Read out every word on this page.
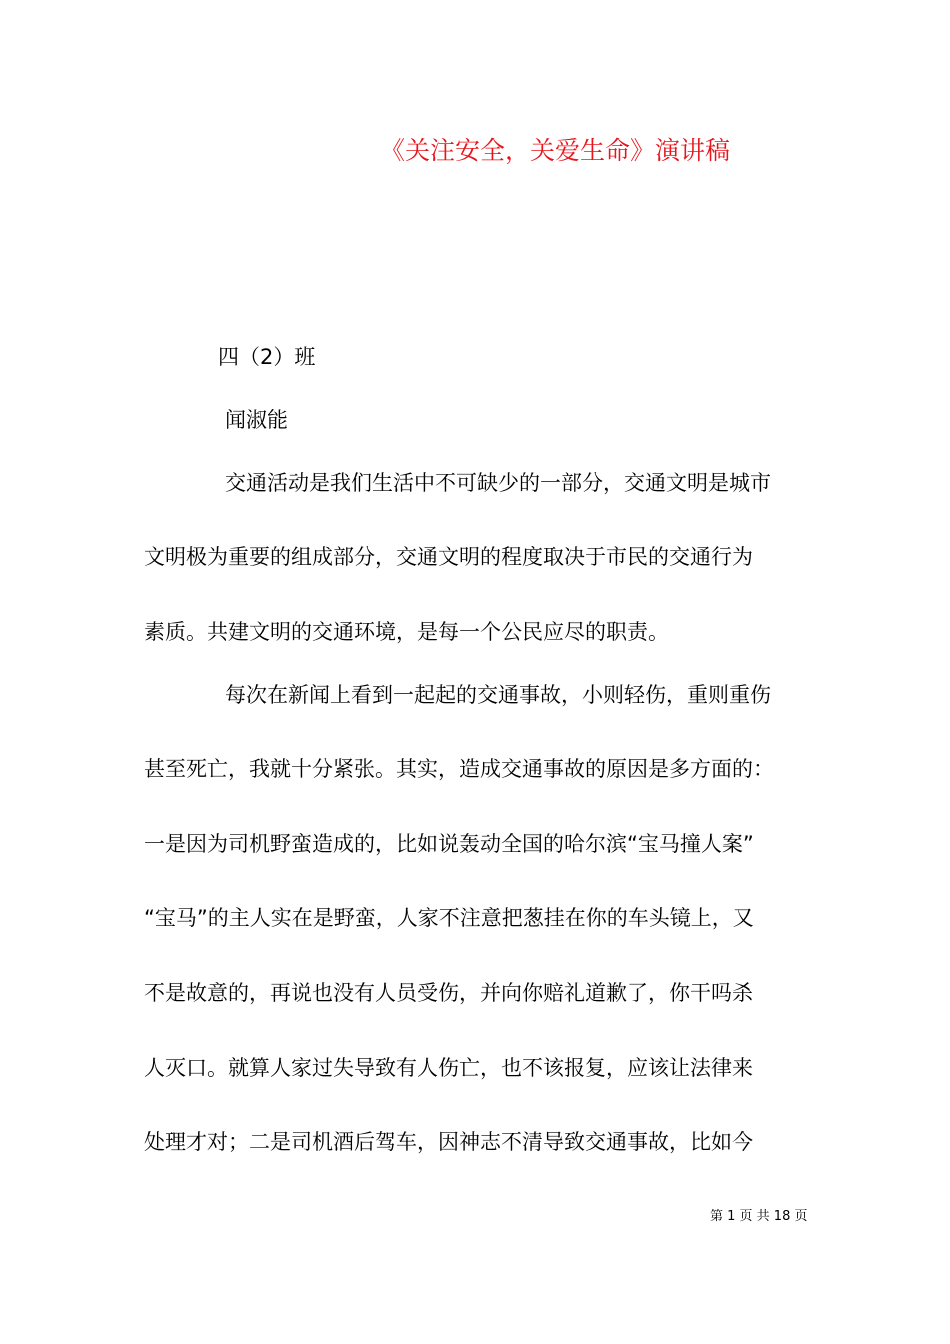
《关注安全，关爱生命》演讲稿
四（2）班
闻淑能
交通活动是我们生活中不可缺少的一部分，交通文明是城市
文明极为重要的组成部分，交通文明的程度取决于市民的交通行为
素质。共建文明的交通环境，是每一个公民应尽的职责。
每次在新闻上看到一起起的交通事故，小则轻伤，重则重伤
甚至死亡，我就十分紧张。其实，造成交通事故的原因是多方面的：
一是因为司机野蛮造成的，比如说轰动全国的哈尔滨“宝马撞人案”
“宝马”的主人实在是野蛮，人家不注意把葱挂在你的车头镜上，又
不是故意的，再说也没有人员受伤，并向你赔礼道歉了，你干吗杀
人灭口。就算人家过失导致有人伤亡，也不该报复，应该让法律来
处理才对；二是司机酒后驾车，因神志不清导致交通事故，比如今
第 1 页 共 18 页
